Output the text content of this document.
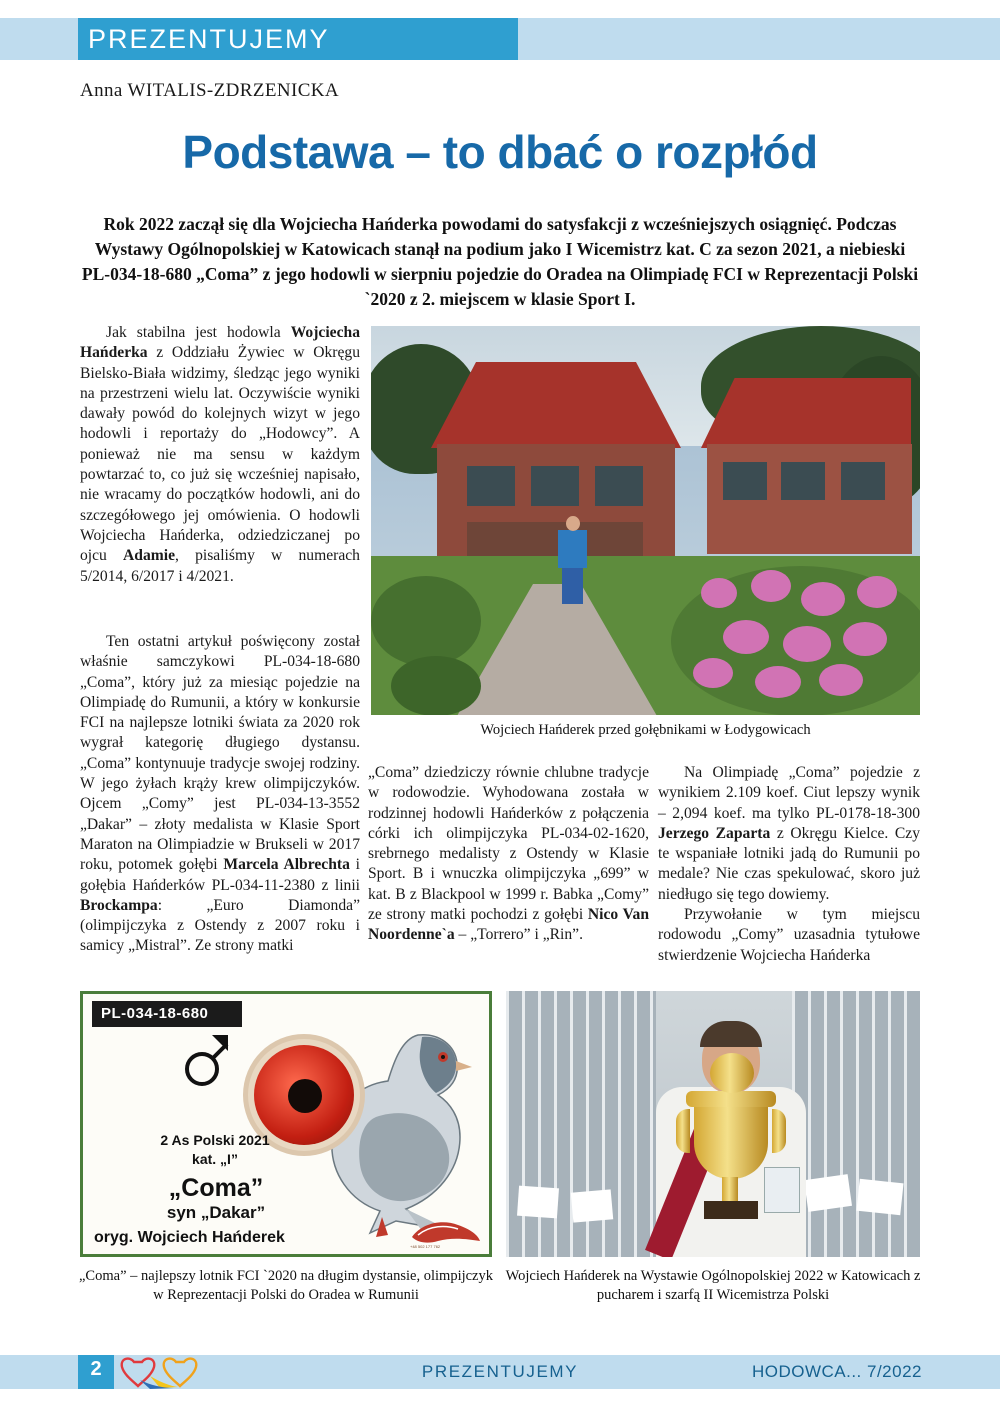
PREZENTUJEMY
Anna WITALIS-ZDRZENICKA
Podstawa – to dbać o rozpłód
Rok 2022 zaczął się dla Wojciecha Hańderka powodami do satysfakcji z wcześniejszych osiągnięć. Podczas Wystawy Ogólnopolskiej w Katowicach stanął na podium jako I Wicemistrz kat. C za sezon 2021, a niebieski PL-034-18-680 „Coma” z jego hodowli w sierpniu pojedzie do Oradea na Olimpiadę FCI w Reprezentacji Polski `2020 z 2. miejscem w klasie Sport I.

Jak stabilna jest hodowla Wojciecha Hańderka z Oddziału Żywiec w Okręgu Bielsko-Biała widzimy, śledząc jego wyniki na przestrzeni wielu lat. Oczywiście wyniki dawały powód do kolejnych wizyt w jego hodowli i reportaży do „Hodowcy”. A ponieważ nie ma sensu w każdym powtarzać to, co już się wcześniej napisało, nie wracamy do początków hodowli, ani do szczegółowego jej omówienia. O hodowli Wojciecha Hańderka, odziedziczanej po ojcu Adamie, pisaliśmy w numerach 5/2014, 6/2017 i 4/2021.

Ten ostatni artykuł poświęcony został właśnie samczykowi PL-034-18-680 „Coma”, który już za miesiąc pojedzie na Olimpiadę do Rumunii, a który w konkursie FCI na najlepsze lotniki świata za 2020 rok wygrał kategorię długiego dystansu. „Coma” kontynuuje tradycje swojej rodziny. W jego żyłach krąży krew olimpijczyków. Ojcem „Comy” jest PL-034-13-3552 „Dakar” – złoty medalista w Klasie Sport Maraton na Olimpiadzie w Brukseli w 2017 roku, potomek gołębi Marcela Albrechta i gołębia Hańderków PL-034-11-2380 z linii Brockampa: „Euro Diamonda” (olimpijczyka z Ostendy z 2007 roku i samicy „Mistral”. Ze strony matki

Wojciech Hańderek przed gołębnikami w Łodygowicach

„Coma” dziedziczy równie chlubne tradycje w rodowodzie. Wyhodowana została w rodzinnej hodowli Hańderków z połączenia córki ich olimpijczyka PL-034-02-1620, srebrnego medalisty z Ostendy w Klasie Sport. B i wnuczka olimpijczyka „699” w kat. B z Blackpool w 1999 r. Babka „Comy” ze strony matki pochodzi z gołębi Nico Van Noordenne`a – „Torrero” i „Rin”.

Na Olimpiadę „Coma” pojedzie z wynikiem 2.109 koef. Ciut lepszy wynik – 2,094 koef. ma tylko PL-0178-18-300 Jerzego Zaparta z Okręgu Kielce. Czy te wspaniałe lotniki jadą do Rumunii po medale? Nie czas spekulować, skoro już niedługo się tego dowiemy.

Przywołanie w tym miejscu rodowodu „Comy” uzasadnia tytułowe stwierdzenie Wojciecha Hańderka

PL-034-18-680
2 As Polski 2021
kat. „I”
„Coma”
syn „Dakar”
oryg. Wojciech Hańderek
+48 502 177 762
„Coma” – najlepszy lotnik FCI `2020 na długim dystansie, olimpijczyk w Reprezentacji Polski do Oradea w Rumunii
Wojciech Hańderek na Wystawie Ogólnopolskiej 2022 w Katowicach z pucharem i szarfą II Wicemistrza Polski
2	PREZENTUJEMY	HODOWCA... 7/2022
